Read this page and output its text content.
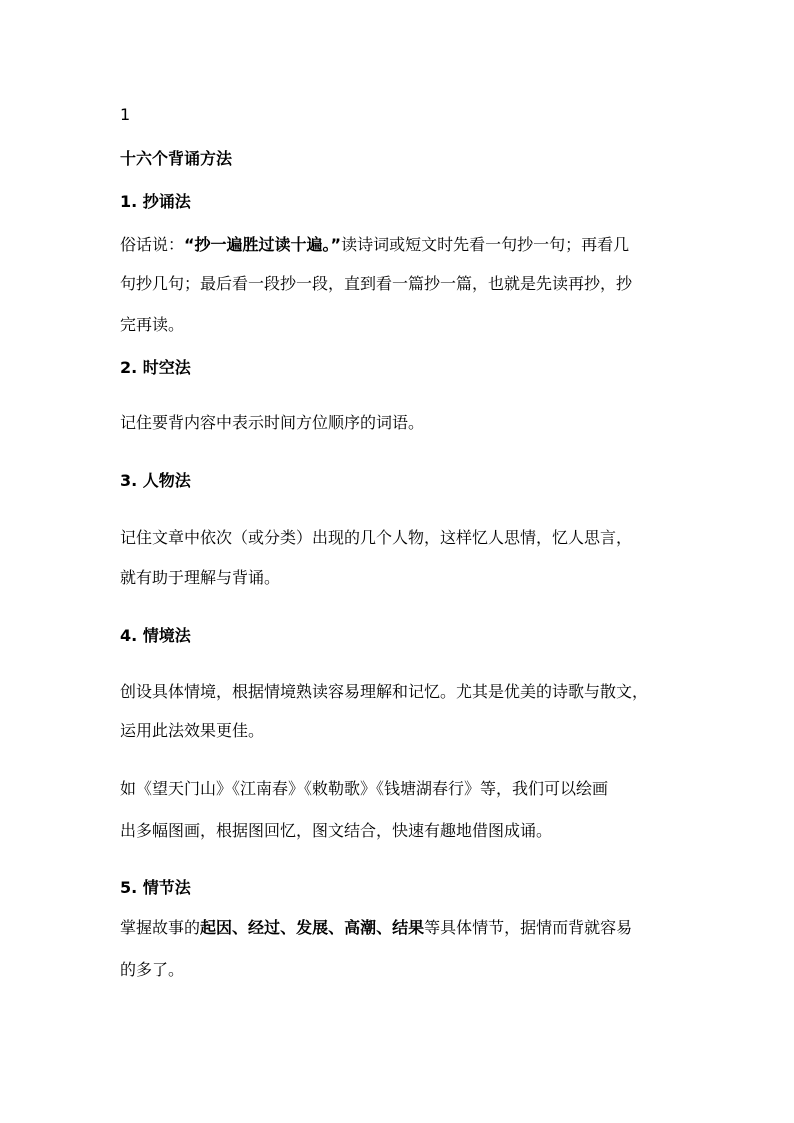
1
十六个背诵方法
1. 抄诵法
俗话说：“抄一遍胜过读十遍。”读诗词或短文时先看一句抄一句；再看几
句抄几句；最后看一段抄一段，直到看一篇抄一篇，也就是先读再抄，抄
完再读。
2. 时空法
记住要背内容中表示时间方位顺序的词语。
3. 人物法
记住文章中依次（或分类）出现的几个人物，这样忆人思情，忆人思言，
就有助于理解与背诵。
4. 情境法
创设具体情境，根据情境熟读容易理解和记忆。尤其是优美的诗歌与散文，
运用此法效果更佳。
如《望天门山》《江南春》《敕勒歌》《钱塘湖春行》等，我们可以绘画
出多幅图画，根据图回忆，图文结合，快速有趣地借图成诵。
5. 情节法
掌握故事的起因、经过、发展、高潮、结果等具体情节，据情而背就容易
的多了。
